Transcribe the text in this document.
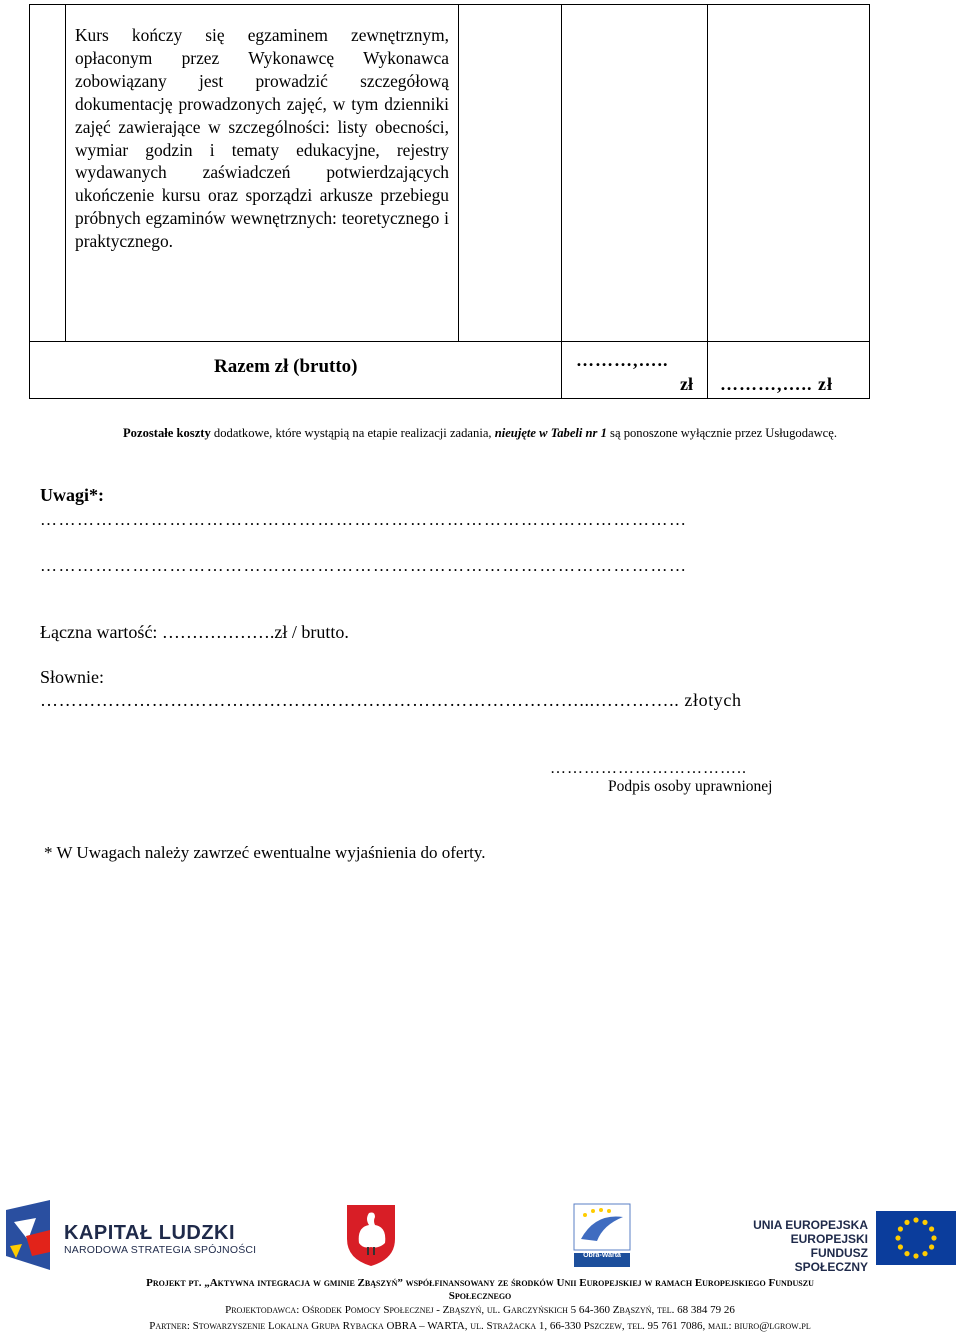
Kurs kończy się egzaminem zewnętrznym, opłaconym przez Wykonawcę Wykonawca zobowiązany jest prowadzić szczegółową dokumentację prowadzonych zajęć, w tym dzienniki zajęć zawierające w szczególności: listy obecności, wymiar godzin i tematy edukacyjne, rejestry wydawanych zaświadczeń potwierdzających ukończenie kursu oraz sporządzi arkusze przebiegu próbnych egzaminów wewnętrznych: teoretycznego i praktycznego.
Razem zł (brutto)	………,…..
zł ………,….. zł
Pozostałe koszty dodatkowe, które wystąpią na etapie realizacji zadania, nieujęte w Tabeli nr 1 są ponoszone wyłącznie przez Usługodawcę.
Uwagi*:
……………………………………………………………………………………………
……………………………………………………………………………………………
Łączna wartość: ……………….zł / brutto.
Słownie:
……………………………………………………………………………...………….. złotych
……………………………..
Podpis osoby uprawnionej
* W Uwagach należy zawrzeć ewentualne wyjaśnienia do oferty.
KAPITAŁ LUDZKI
NARODOWA STRATEGIA SPÓJNOŚCI	Obra-Warta
UNIA EUROPEJSKA
EUROPEJSKI
FUNDUSZ SPOŁECZNY
Projekt pt. „Aktywna integracja w gminie Zbąszyń” współfinansowany ze środków Unii Europejskiej w ramach Europejskiego Funduszu
Społecznego
Projektodawca: Ośrodek Pomocy Społecznej - Zbąszyń, ul. Garczyńskich 5 64-360 Zbąszyń, tel. 68 384 79 26
Partner: Stowarzyszenie Lokalna Grupa Rybacka OBRA – WARTA, ul. Strażacka 1, 66-330 Pszczew, tel. 95 761 7086, mail: biuro@lgrow.pl
